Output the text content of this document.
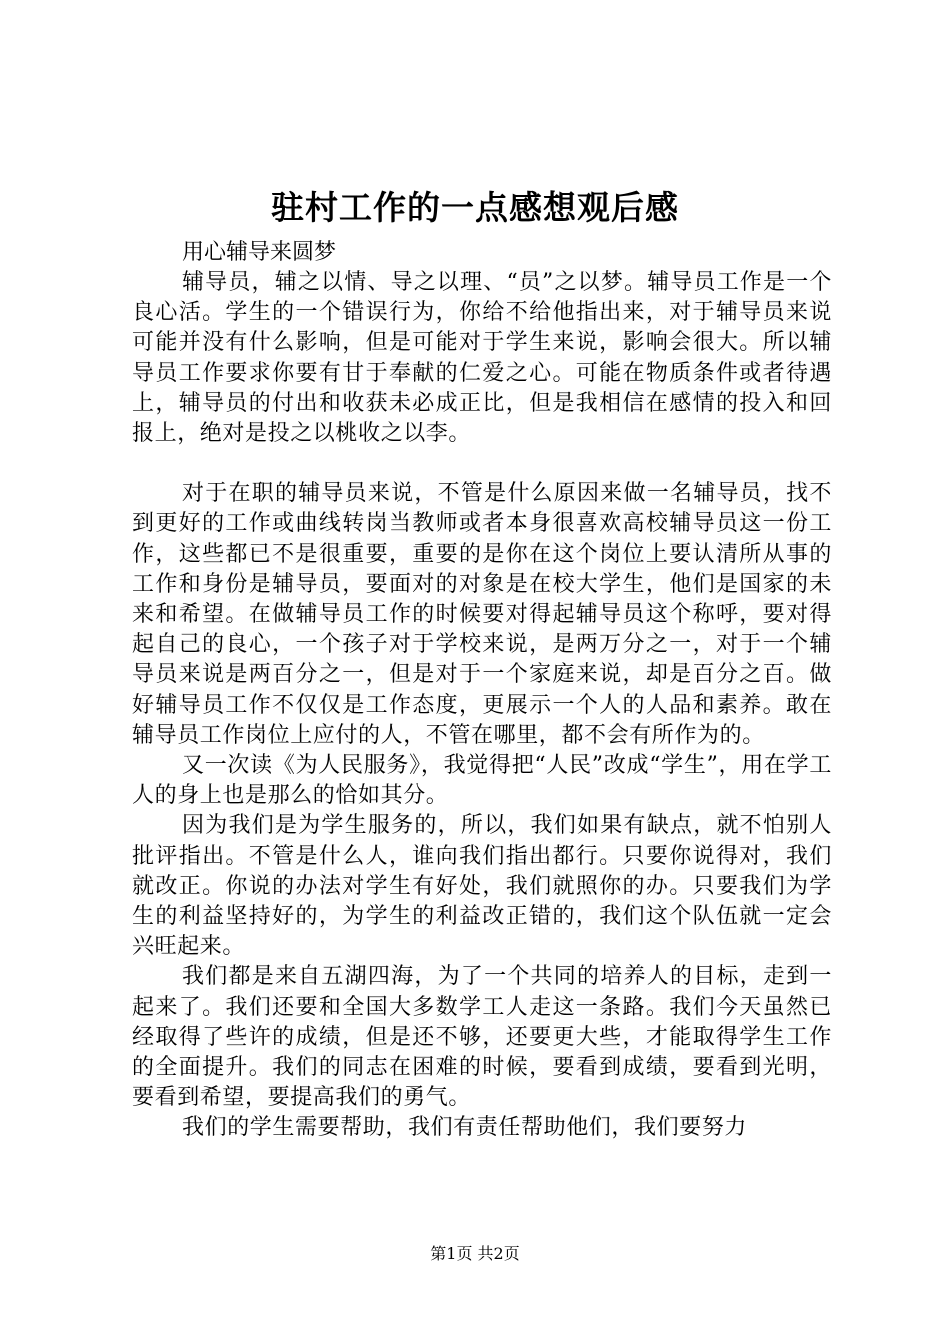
驻村工作的一点感想观后感
用心辅导来圆梦

辅导员，辅之以情、导之以理、“员”之以梦。辅导员工作是一个良心活。学生的一个错误行为，你给不给他指出来，对于辅导员来说可能并没有什么影响，但是可能对于学生来说，影响会很大。所以辅导员工作要求你要有甘于奉献的仁爱之心。可能在物质条件或者待遇上，辅导员的付出和收获未必成正比，但是我相信在感情的投入和回报上，绝对是投之以桃收之以李。

对于在职的辅导员来说，不管是什么原因来做一名辅导员，找不到更好的工作或曲线转岗当教师或者本身很喜欢高校辅导员这一份工作，这些都已不是很重要，重要的是你在这个岗位上要认清所从事的工作和身份是辅导员，要面对的对象是在校大学生，他们是国家的未来和希望。在做辅导员工作的时候要对得起辅导员这个称呼，要对得起自己的良心，一个孩子对于学校来说，是两万分之一，对于一个辅导员来说是两百分之一，但是对于一个家庭来说，却是百分之百。做好辅导员工作不仅仅是工作态度，更展示一个人的人品和素养。敢在辅导员工作岗位上应付的人，不管在哪里，都不会有所作为的。

又一次读《为人民服务》，我觉得把“人民”改成“学生”，用在学工人的身上也是那么的恰如其分。

因为我们是为学生服务的，所以，我们如果有缺点，就不怕别人批评指出。不管是什么人，谁向我们指出都行。只要你说得对，我们就改正。你说的办法对学生有好处，我们就照你的办。只要我们为学生的利益坚持好的，为学生的利益改正错的，我们这个队伍就一定会兴旺起来。

我们都是来自五湖四海，为了一个共同的培养人的目标，走到一起来了。我们还要和全国大多数学工人走这一条路。我们今天虽然已经取得了些许的成绩，但是还不够，还要更大些，才能取得学生工作的全面提升。我们的同志在困难的时候，要看到成绩，要看到光明，要看到希望，要提高我们的勇气。

我们的学生需要帮助，我们有责任帮助他们，我们要努力

第1页 共2页
